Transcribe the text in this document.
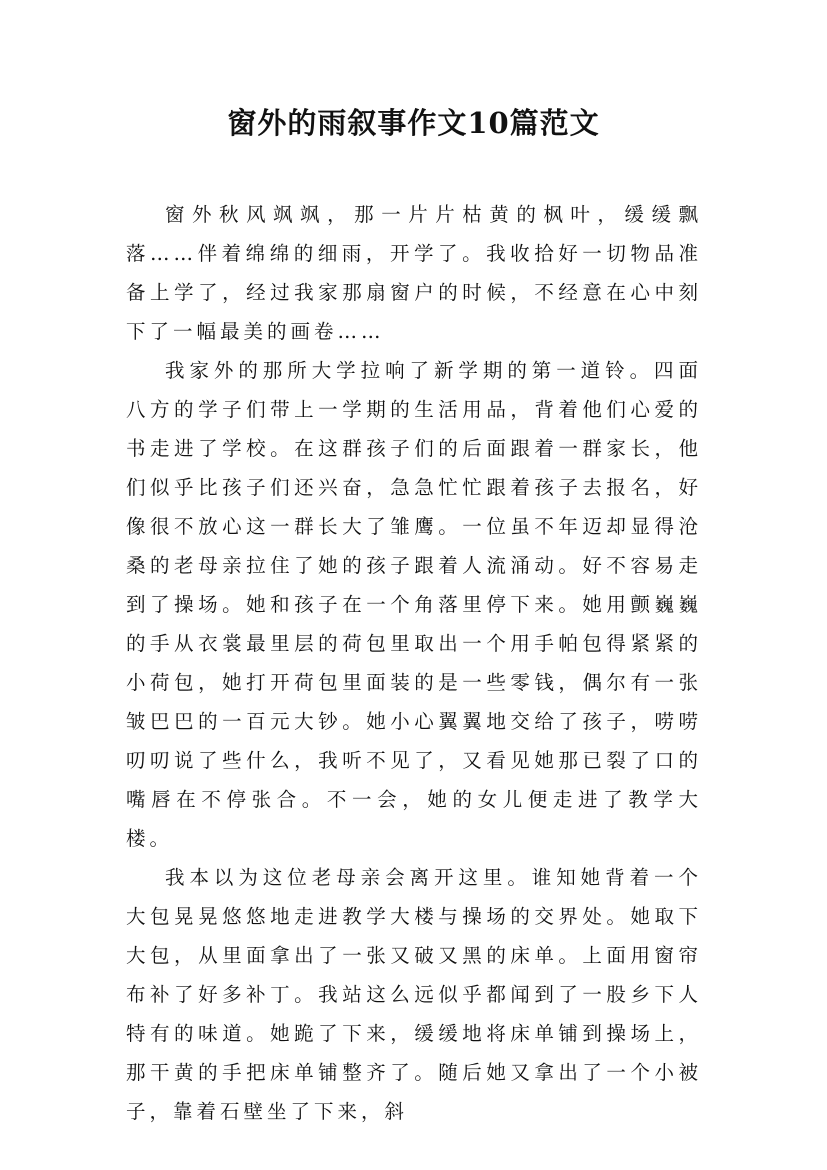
窗外的雨叙事作文10篇范文

窗外秋风飒飒，那一片片枯黄的枫叶，缓缓飘落……伴着绵绵的细雨，开学了。我收拾好一切物品准备上学了，经过我家那扇窗户的时候，不经意在心中刻下了一幅最美的画卷……

我家外的那所大学拉响了新学期的第一道铃。四面八方的学子们带上一学期的生活用品，背着他们心爱的书走进了学校。在这群孩子们的后面跟着一群家长，他们似乎比孩子们还兴奋，急急忙忙跟着孩子去报名，好像很不放心这一群长大了雏鹰。一位虽不年迈却显得沧桑的老母亲拉住了她的孩子跟着人流涌动。好不容易走到了操场。她和孩子在一个角落里停下来。她用颤巍巍的手从衣裳最里层的荷包里取出一个用手帕包得紧紧的小荷包，她打开荷包里面装的是一些零钱，偶尔有一张皱巴巴的一百元大钞。她小心翼翼地交给了孩子，唠唠叨叨说了些什么，我听不见了，又看见她那已裂了口的嘴唇在不停张合。不一会，她的女儿便走进了教学大楼。

我本以为这位老母亲会离开这里。谁知她背着一个大包晃晃悠悠地走进教学大楼与操场的交界处。她取下大包，从里面拿出了一张又破又黑的床单。上面用窗帘布补了好多补丁。我站这么远似乎都闻到了一股乡下人特有的味道。她跪了下来，缓缓地将床单铺到操场上，那干黄的手把床单铺整齐了。随后她又拿出了一个小被子，靠着石壁坐了下来，斜
